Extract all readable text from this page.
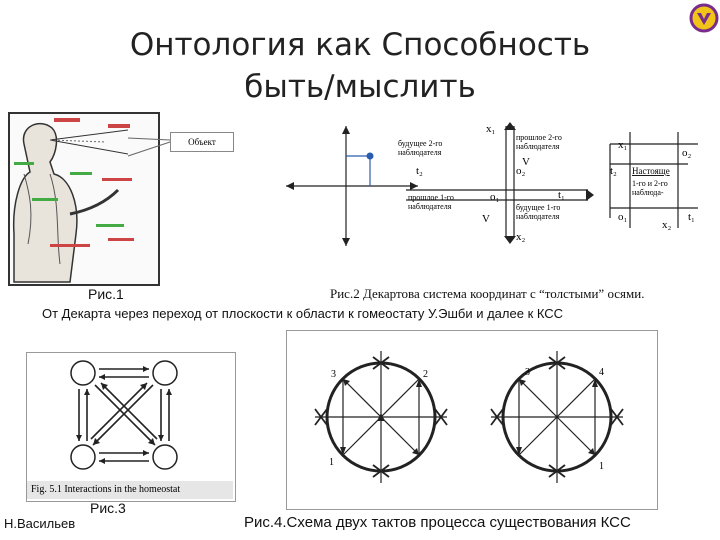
Онтология как Способность
быть/мыслить
Объект
x₁
будущее 2-го
наблюдателя
прошлое 2-го
наблюдателя
V
t₂	o₂
прошлое 1-го
наблюдателя
o₁	t₁
будущее 1-го
наблюдателя
V
x₂
x₁
o₂
t₂ Настояще
1-го и 2-го
наблюда-
o₁
x₂
t₁
Рис.1	Рис.2 Декартова система координат с “толстыми” осями.
От Декарта через переход от плоскости к области к гомеостату У.Эшби и далее к КСС
Fig. 5.1 Interactions in the homeostat
Рис.3
Н.Васильев
3	2
1
3	4
1
Рис.4.Схема двух тактов процесса существования КСС
